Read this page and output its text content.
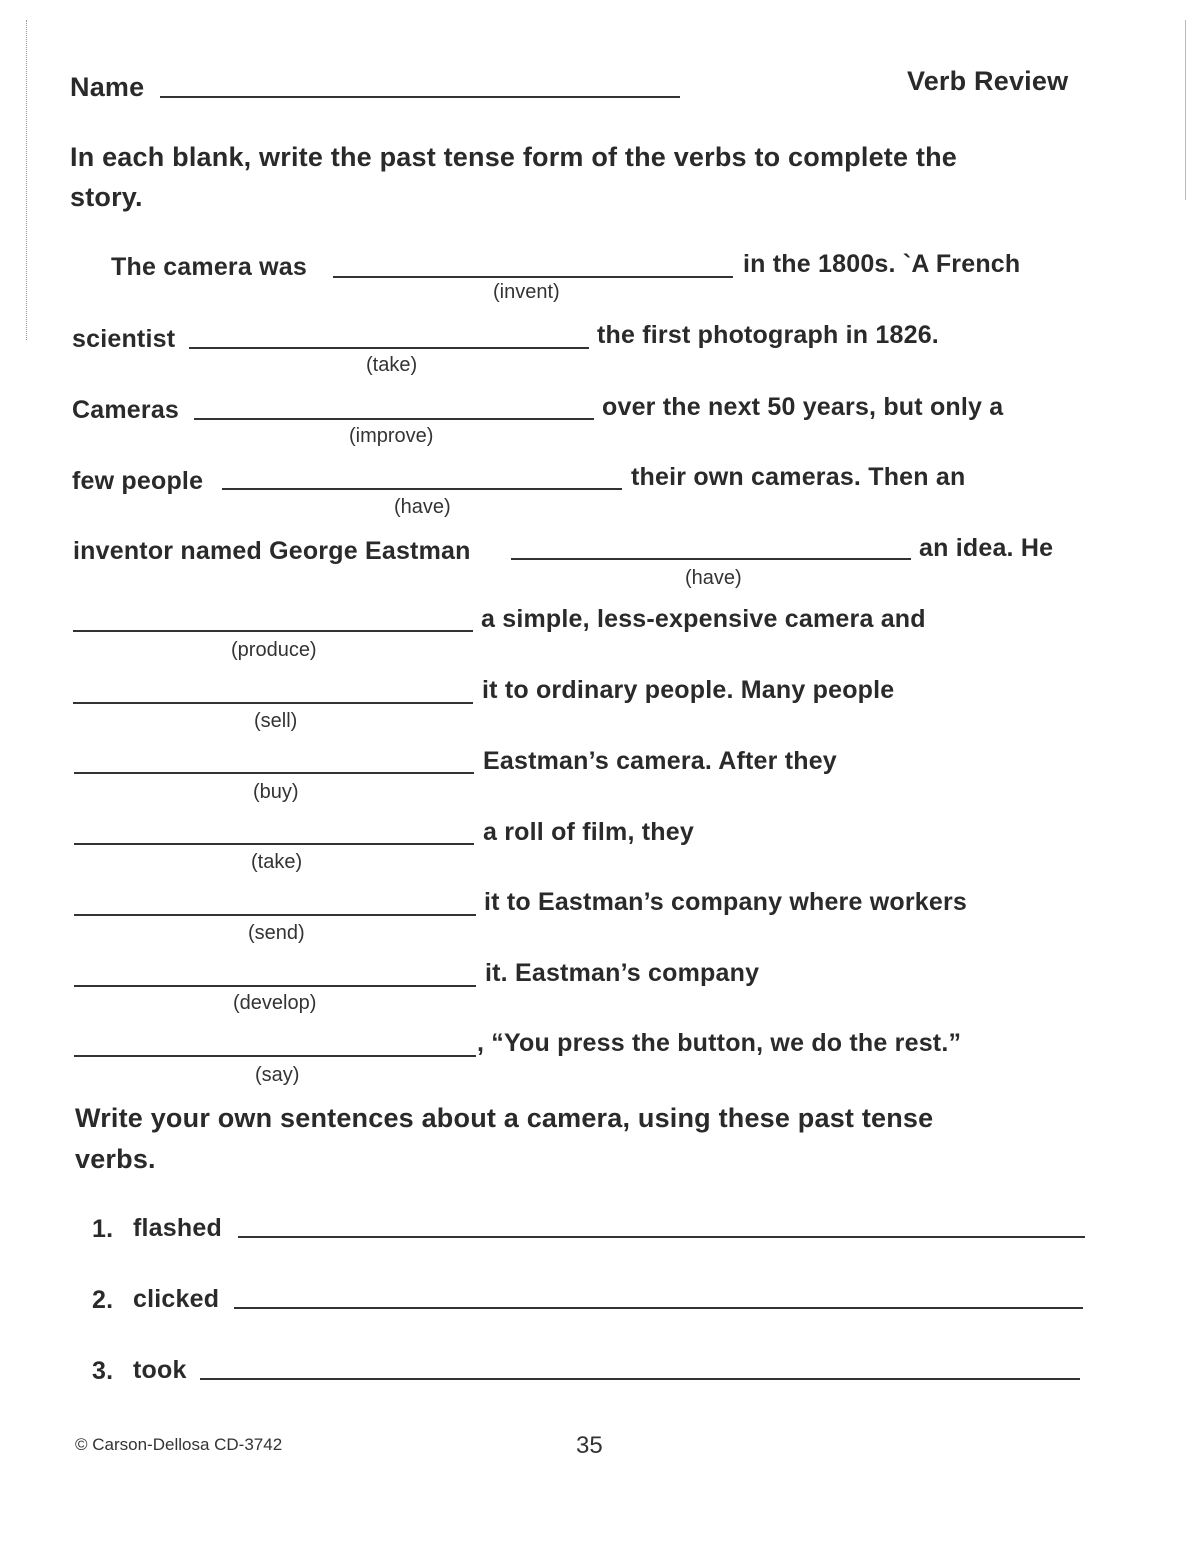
Name	Verb Review
In each blank, write the past tense form of the verbs to complete the
story.
The camera was
(invent)
in the 1800s. `A French
scientist
(take)
the first photograph in 1826.
Cameras
(improve)
over the next 50 years, but only a
few people
(have)
their own cameras. Then an
inventor named George Eastman
(have)
an idea. He
(produce)
a simple, less-expensive camera and
(sell)
it to ordinary people. Many people
(buy)
Eastman’s camera. After they
(take)
a roll of film, they
(send)
it to Eastman’s company where workers
(develop)
it. Eastman’s company
(say)
, “You press the button, we do the rest.”
Write your own sentences about a camera, using these past tense
verbs.
1. flashed
2. clicked
3. took
© Carson-Dellosa CD-3742	35
